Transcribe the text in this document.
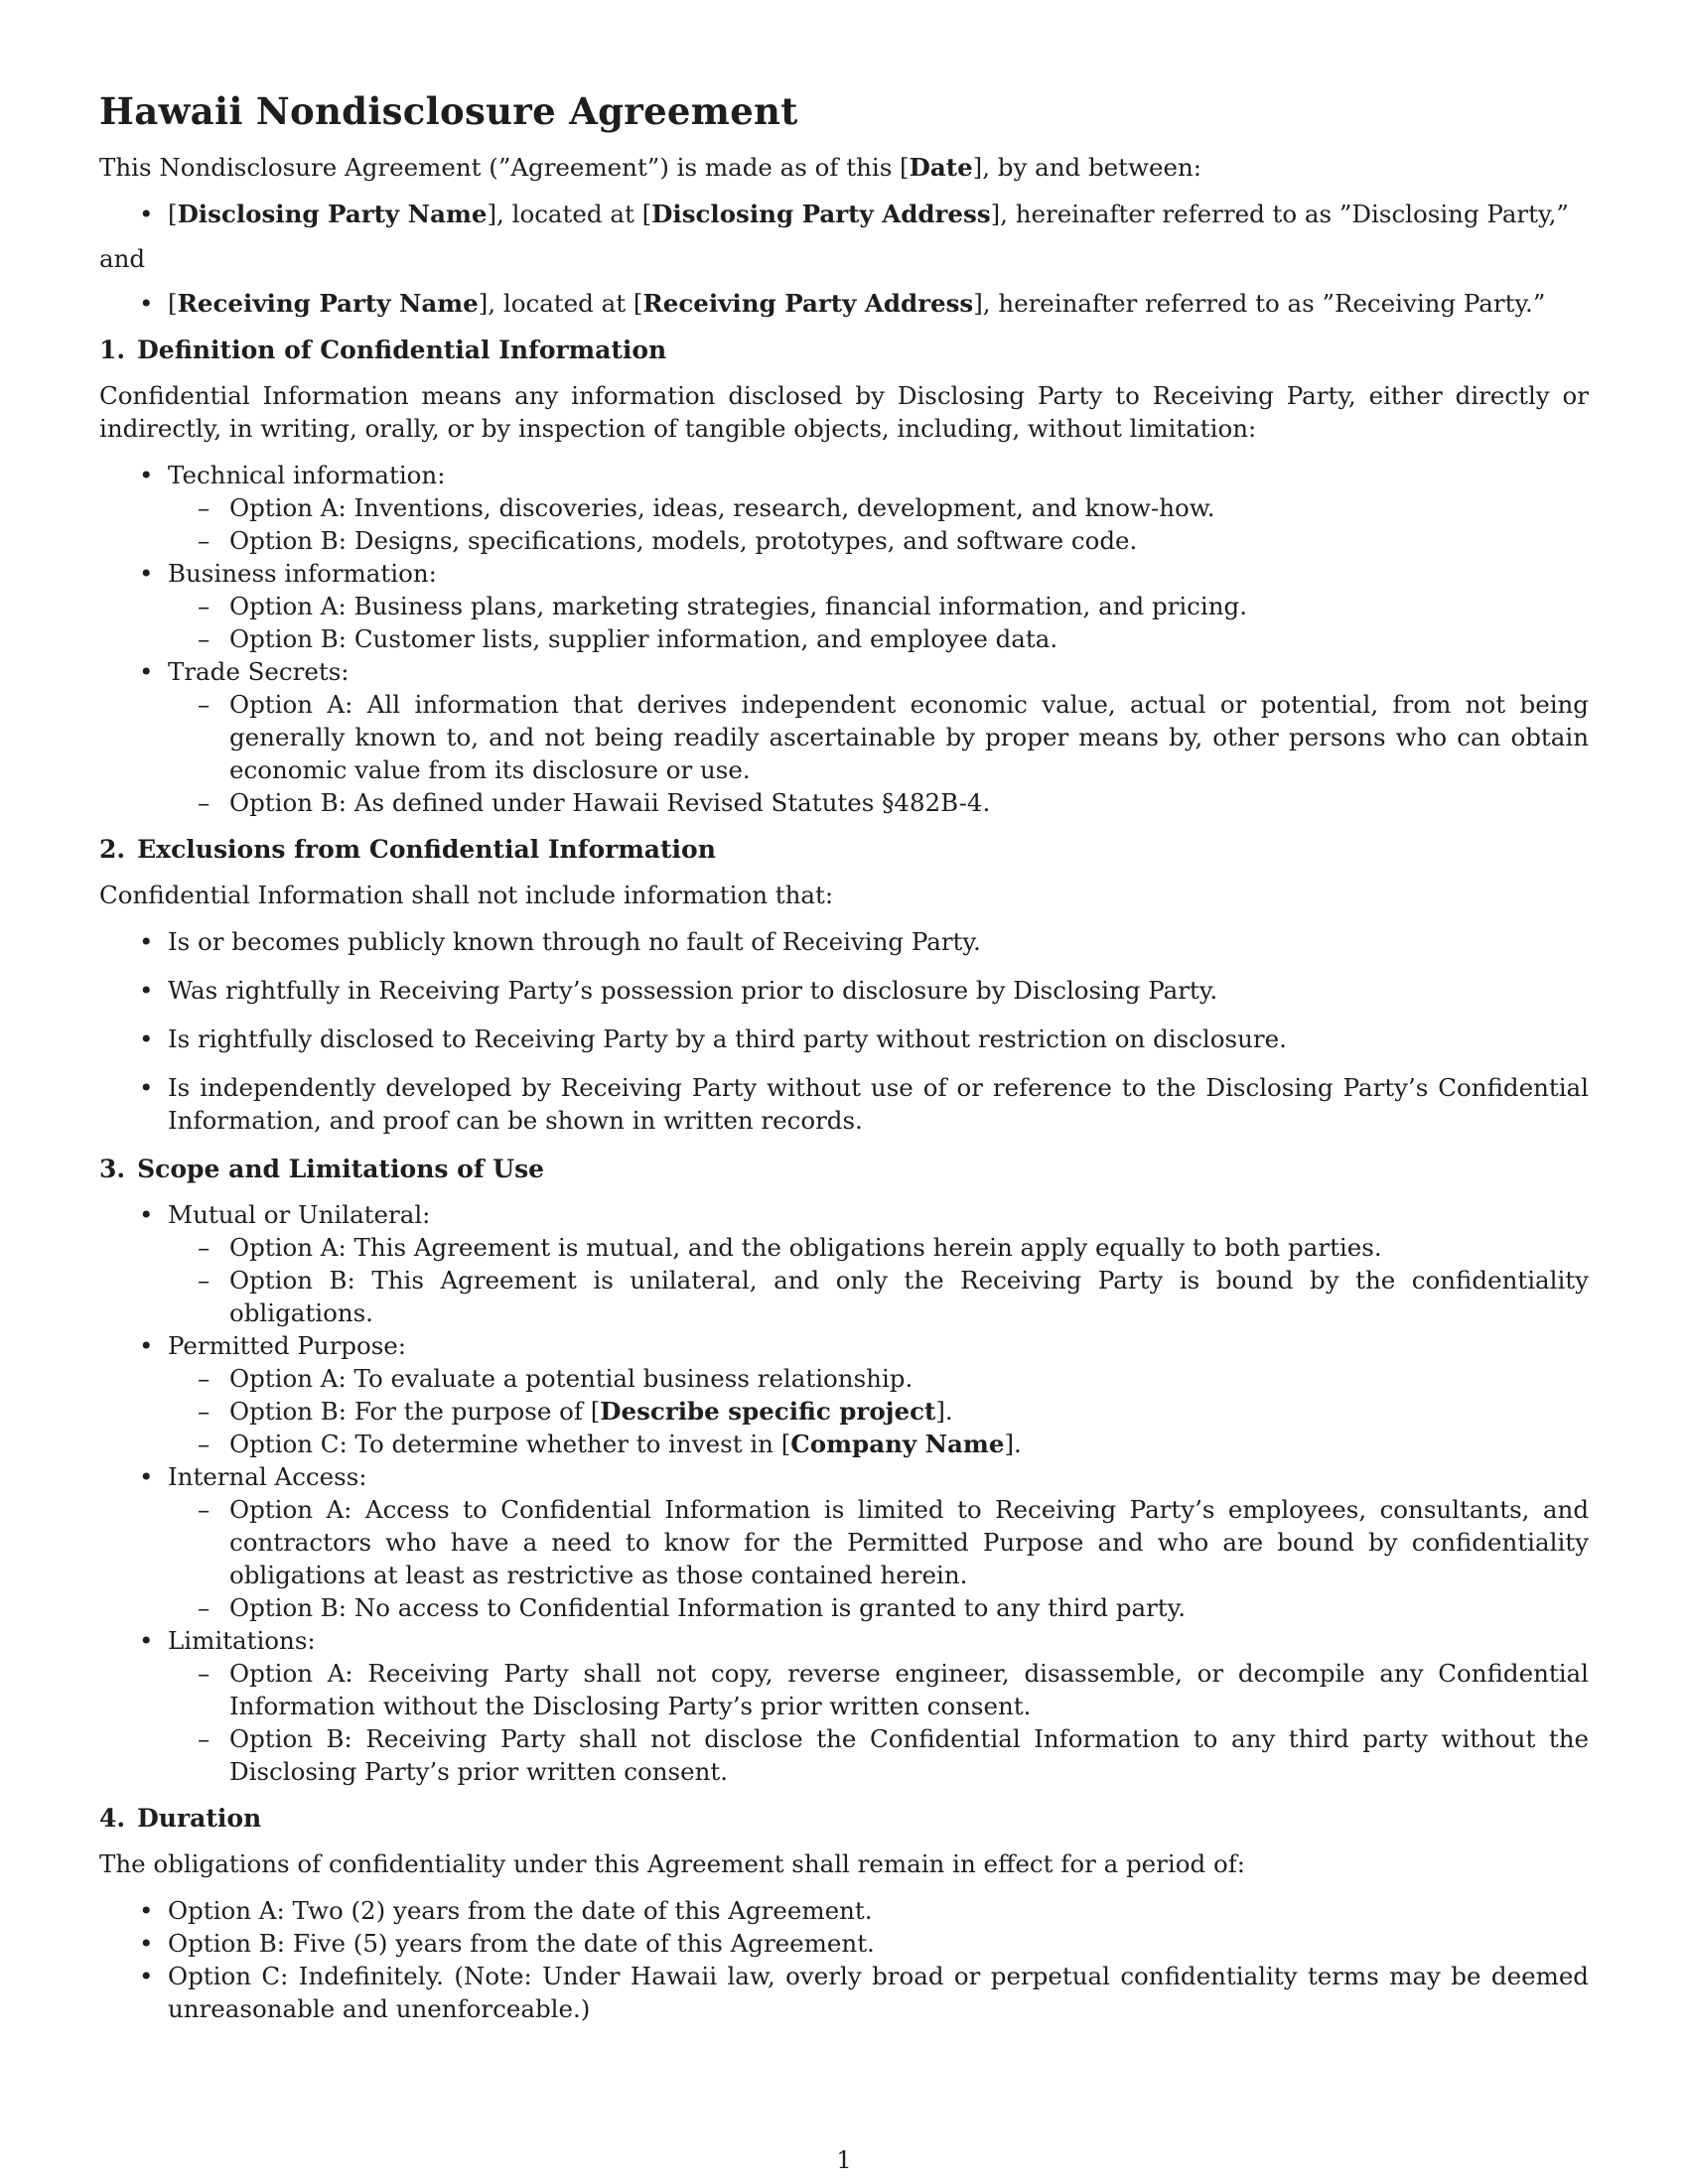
Hawaii Nondisclosure Agreement

This Nondisclosure Agreement (”Agreement”) is made as of this [Date], by and between:

• [Disclosing Party Name], located at [Disclosing Party Address], hereinafter referred to as ”Disclosing Party,”

and

• [Receiving Party Name], located at [Receiving Party Address], hereinafter referred to as ”Receiving Party.”
1. Definition of Confidential Information

Confidential Information means any information disclosed by Disclosing Party to Receiving Party, either directly or indirectly, in writing, orally, or by inspection of tangible objects, including, without limitation:

• Technical information:
– Option A: Inventions, discoveries, ideas, research, development, and know-how.
– Option B: Designs, specifications, models, prototypes, and software code.
• Business information:
– Option A: Business plans, marketing strategies, financial information, and pricing.
– Option B: Customer lists, supplier information, and employee data.
• Trade Secrets:
– Option A: All information that derives independent economic value, actual or potential, from not being generally known to, and not being readily ascertainable by proper means by, other persons who can obtain economic value from its disclosure or use.
– Option B: As defined under Hawaii Revised Statutes §482B-4.
2. Exclusions from Confidential Information

Confidential Information shall not include information that:

• Is or becomes publicly known through no fault of Receiving Party.
• Was rightfully in Receiving Party’s possession prior to disclosure by Disclosing Party.
• Is rightfully disclosed to Receiving Party by a third party without restriction on disclosure.
• Is independently developed by Receiving Party without use of or reference to the Disclosing Party’s Confidential Information, and proof can be shown in written records.
3. Scope and Limitations of Use
• Mutual or Unilateral:
– Option A: This Agreement is mutual, and the obligations herein apply equally to both parties.
– Option B: This Agreement is unilateral, and only the Receiving Party is bound by the confidentiality obligations.
• Permitted Purpose:
– Option A: To evaluate a potential business relationship.
– Option B: For the purpose of [Describe specific project].
– Option C: To determine whether to invest in [Company Name].
• Internal Access:
– Option A: Access to Confidential Information is limited to Receiving Party’s employees, consultants, and contractors who have a need to know for the Permitted Purpose and who are bound by confidentiality obligations at least as restrictive as those contained herein.
– Option B: No access to Confidential Information is granted to any third party.
• Limitations:
– Option A: Receiving Party shall not copy, reverse engineer, disassemble, or decompile any Confidential Information without the Disclosing Party’s prior written consent.
– Option B: Receiving Party shall not disclose the Confidential Information to any third party without the Disclosing Party’s prior written consent.
4. Duration

The obligations of confidentiality under this Agreement shall remain in effect for a period of:

• Option A: Two (2) years from the date of this Agreement.
• Option B: Five (5) years from the date of this Agreement.
• Option C: Indefinitely. (Note: Under Hawaii law, overly broad or perpetual confidentiality terms may be deemed unreasonable and unenforceable.)
1
